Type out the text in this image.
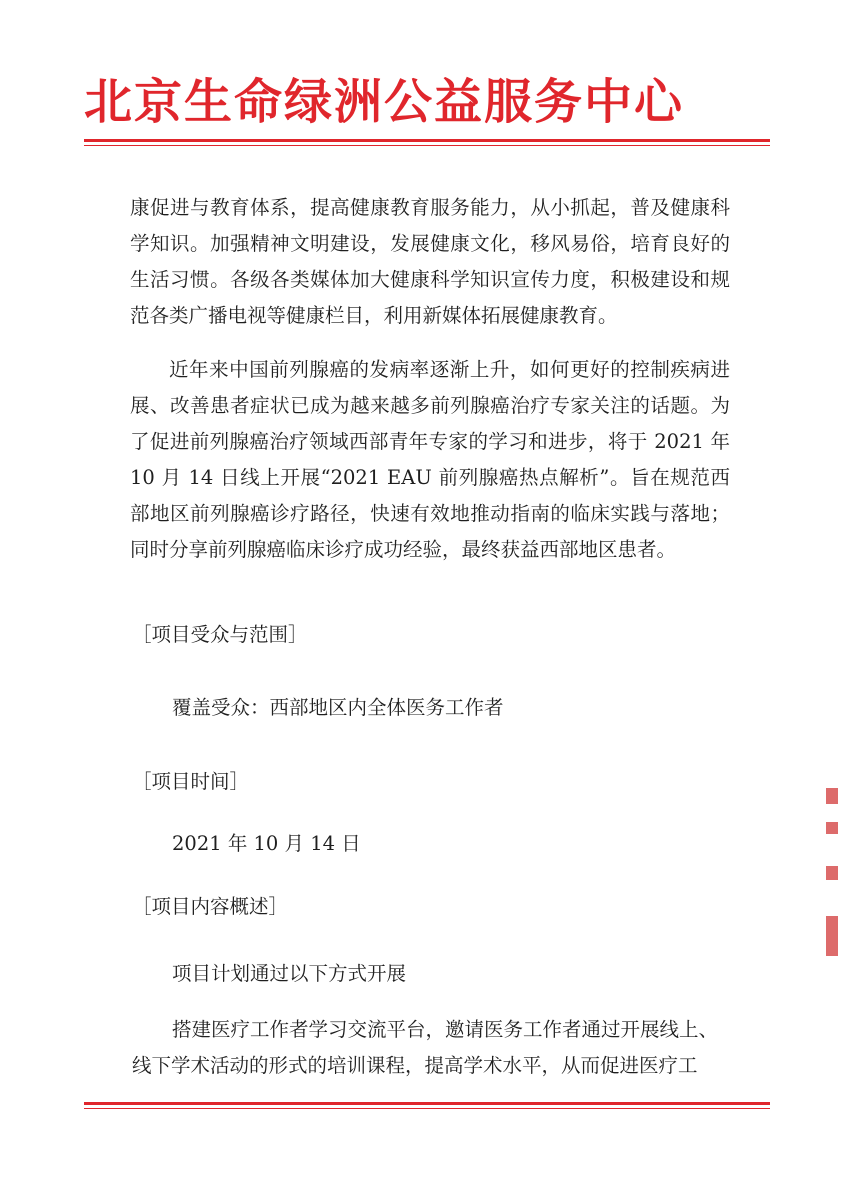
北京生命绿洲公益服务中心

康促进与教育体系，提高健康教育服务能力，从小抓起，普及健康科学知识。加强精神文明建设，发展健康文化，移风易俗，培育良好的生活习惯。各级各类媒体加大健康科学知识宣传力度，积极建设和规范各类广播电视等健康栏目，利用新媒体拓展健康教育。

近年来中国前列腺癌的发病率逐渐上升，如何更好的控制疾病进展、改善患者症状已成为越来越多前列腺癌治疗专家关注的话题。为了促进前列腺癌治疗领域西部青年专家的学习和进步，将于 2021 年 10 月 14 日线上开展“2021 EAU 前列腺癌热点解析”。旨在规范西部地区前列腺癌诊疗路径，快速有效地推动指南的临床实践与落地；同时分享前列腺癌临床诊疗成功经验，最终获益西部地区患者。

［项目受众与范围］
覆盖受众：西部地区内全体医务工作者
［项目时间］
2021 年 10 月 14 日
［项目内容概述］
项目计划通过以下方式开展
搭建医疗工作者学习交流平台，邀请医务工作者通过开展线上、
线下学术活动的形式的培训课程，提高学术水平，从而促进医疗工
